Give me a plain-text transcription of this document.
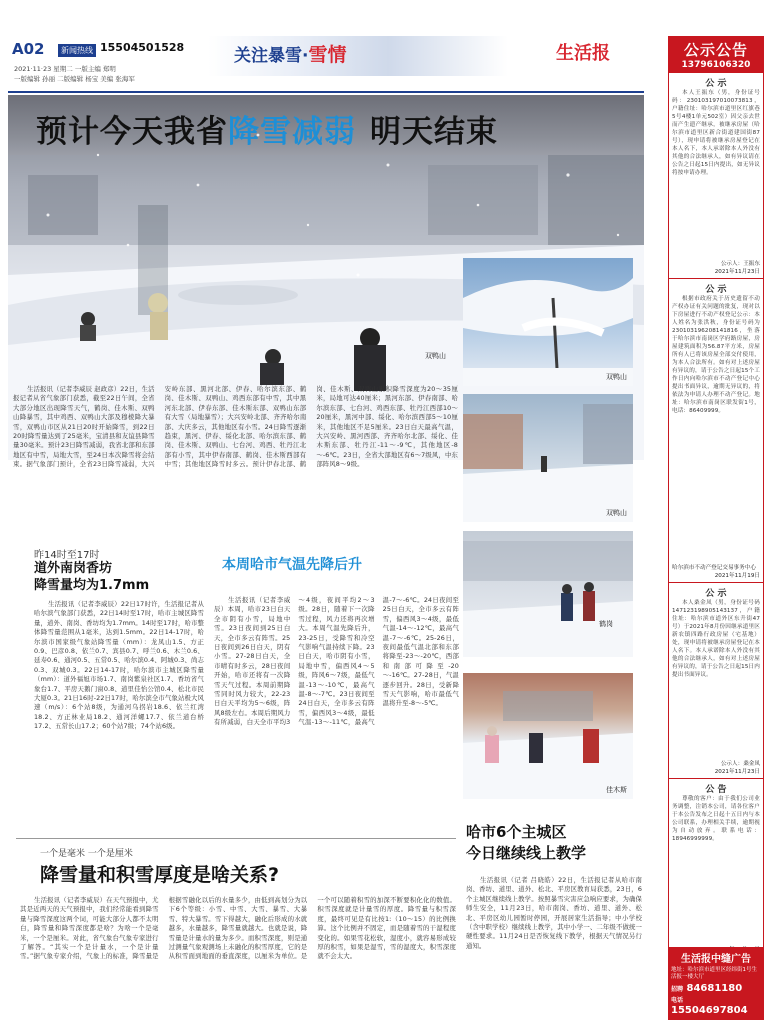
A02	新闻热线 15504501528
2021·11·23 星期二 一版主编 郑明
一版编辑 孙丽 二版编辑 杨宝 美编 张海军
关注暴雪·雪情	生活报
预计今天我省降雪减弱 明天结束
双鸭山
双鸭山
双鸭山
鹤岗
佳木斯
生活报讯（记者李威辰 赵政彦）22日，生活报记者从省气象部门获悉，截至22日午间，全省大部分地区出现降雪天气，鹤岗、佳木斯、双鸭山降暴雪，其中鸡西、双鸭山大部及穆棱降大暴雪，双鸭山市区从21日20时开始降雪，到22日20时降雪量达到了25毫米，宝清县和友谊县降雪量30毫米。预计23日降雪减弱，我省北部和东部地区有中雪，局地大雪，至24日本次降雪将会结束。据气象部门预计，全省23日降雪减弱，大兴安岭东部、黑河北部、伊春、哈尔滨东部、鹤岗、佳木斯、双鸭山、鸡西东部有中雪，其中黑河东北部、伊春东部、佳木斯东部、双鸭山东部有大雪（局地暴雪）；大兴安岭北部、齐齐哈尔南部、大庆多云，其他地区有小雪。24日降雪逐渐趋束，黑河、伊春、绥化北部、哈尔滨东部、鹤岗、佳木斯、双鸭山、七台河、鸡西、牡丹江北部有小雪，其中伊春南部、鹤岗、佳木斯西部有中雪；其他地区降雪时多云。预计伊春北部、鹤岗、佳木斯、双鸭山累积降雪深度为20～35厘米，局地可达40厘米；黑河东部、伊春南部、哈尔滨东部、七台河、鸡西东部、牡丹江西部10～20厘米，黑河中部、绥化、哈尔滨西部5～10厘米，其他地区不足5厘米。23日白天最高气温，大兴安岭、黑河西部、齐齐哈尔北部、绥化、佳木斯东部、牡丹江-11～-9℃，其他地区-8～-6℃。23日，全省大部地区有6～7级风，中东部阵风8～9级。
昨14时至17时
道外南岗香坊
降雪量均为1.7mm
生活报讯（记者李威辰）22日17时许，生活报记者从哈尔滨气象部门获悉，22日14时至17时，哈市主城区降雪量，道外、南岗、香坊均为1.7mm。14时至17时，哈市整体降雪量范围从1毫米，达到1.5mm。22日14-17时，哈尔滨市国家级气象站降雪量（mm）：龙凤山1.5、方正0.9、巴彦0.8、依兰0.7、宾县0.7、呼兰0.6、木兰0.6、延寿0.6、通河0.5、五常0.5、哈尔滨0.4、阿城0.3、尚志0.3、双城0.3。22日14-17时，哈尔滨市主城区降雪量（mm）：道外福旭市场1.7、南岗紫泉社区1.7、香坊省气象台1.7、平房天鹅门窗0.8、道里佳怡公馆0.4、松北市民大厦0.3。21日16时-22日17时，哈尔滨全市气象站极大风速（m/s）：6个站8级，为通河乌拐岩18.6、依兰红湾18.2、方正林业局18.2、通河洋螺17.7、依兰道台桥17.2、五常长山17.2；60个站7级；74个站6级。
本周哈市气温先降后升
生活报讯（记者李威辰）本周，哈市23日白天全市阴有小雪，局地中雪。23日夜间到25日白天，全市多云有阵雪。25日夜间到26日白天，阴有小雪。27-28日白天，全市晴有时多云，28日夜间开始，哈市还将有一次降雪天气过程。本周前期降雪同时风力较大，22-23日白天平均为5～6级，阵风8级左右。本周后期风力有所减弱，白天全市平均3～4级，夜间平均2～3级。28日，随着下一次降雪过程，风力还将再次增大。本周气温先降后升，23-25日，受降雪和冷空气影响气温持续下降。23日白天，哈市阴有小雪，局地中雪，偏西风4～5级，阵风6～7级，最低气温-13～-10℃，最高气温-8～-7℃。23日夜间至24日白天，全市多云有阵雪，偏西风3～4级，最低气温-13～-11℃，最高气温-7～-6℃。24日夜间至25日白天，全市多云有阵雪，偏西风3～4级，最低气温-14～-12℃，最高气温-7～-6℃。25-26日，夜间最低气温北部和东部将降至-23～-20℃，西部和南部可降至-20～-16℃。27-28日，气温逐步回升。28日，受新降雪天气影响，哈市最低气温将升至-8～-5℃。
一个是毫米 一个是厘米
降雪量和积雪厚度是啥关系?
生活报讯（记者李威辰）在天气预报中，尤其是近两天的天气预报中，我们经常能看到降雪量与降雪深度这两个词，可能大部分人都不太明白，降雪量和降雪深度都是啥？为啥一个是毫米，一个是厘米。对此，省气象台气象专家进行了解答。“其实一个是计量水，一个是计量雪。”据气象专家介绍，气象上的标准，降雪量是根据雪融化以后的水量多少，由低到高划分为以下6个等级：小雪、中雪、大雪、暴雪、大暴雪、特大暴雪。雪下得越大，融化后形成的水就越多，水量越多，降雪量就越大。也就是说，降雪量是计量水的量为多少。而积雪深度，则是通过测量气象观测场上未融化的积雪厚度，它的是从积雪面到地面的垂直深度，以厘米为单位。是一个可以随着积雪的加深不断要积化化的数值。积雪深度就是计量雪的厚度。降雪量与积雪深度，最终可见是有比按1:（10～15）的比例换算。这个比例并不固定，而是随着雪的干湿程度变化的。如果雪花松软，湿度小，就容易形成较厚的积雪，如果是湿雪，雪的湿度大，积雪深度就不会太大。
哈市6个主城区
今日继续线上教学
生活报讯（记者 吕晓皓）22日，生活报记者从哈市南岗、香坊、道里、道外、松北、平房区教育局获悉，23日，6个主城区继续线上教学。按照暴雪灾害应急响应要求，为确保师生安全，11月23日，哈市南岗、香坊、道里、道外、松北、平房区幼儿园暂时停园，开展居家生活指导；中小学校（含中职学校）继续线上教学，其中小学一、二年级不做统一硬性要求。11月24日是否恢复线下教学，根据天气情况另行通知。
公示公告
13796106320
公 示
本人王振东（男，身份证号码：230103197010073813，户籍住址：哈尔滨市道里区红旗巷5号4楼1单元502室）因父亲去世而产生遗产继承，被继承房屋（哈尔滨市道里区新合街道建国街87号），现申请将被继承房屋登记在本人名下，本人承诺除本人外没有其他的合法继承人，如有异议请在公告之日起15日内提出，如无异议将按申请办理。
公示人：王振东
2021年11月23日
公 示
根据市政府关于历史遗留不动产权办证有关问题的批复，现对以下房屋进行不动产权登记公示：本人姓名为张洪秋，身份证号码为230103196208141816，坐落于哈尔滨市南岗区学府路房屋，房屋建筑面积为56.87平方米，房屋所有人已将该房屋全部交付使用，为本人合法所有。如有对上述房屋有异议的，请于公告之日起15个工作日内向哈尔滨市不动产登记中心提出书面异议，逾期无异议的，将依法为申请人办理不动产登记。地址：哈尔滨市南岗区联发街1号，电话：86409999。
哈尔滨市不动产登记交易事务中心
2021年11月19日
公 示
本人桑金凤（男，身份证号码147123198905143137，户籍住址：哈尔滨市道外区东升街47号）于2021年8月份因继承道里区新农镇四路行政房屋（宅基地）处，现申请将被继承房屋登记在本人名下。本人承诺除本人外没有其他的合法继承人，如有对上述房屋有异议的，请于公告之日起15日内提出书面异议。
公示人：桑金凤
2021年11月23日
公 告
尊敬的客户：由于我们公司业务调整，注销本公司，请各位客户于本公告发布之日起十五日内与本公司联系，办理相关手续，逾期视为自动放弃。联系电话：18946999999。
生活报中缝广告
地址：哈尔滨市道里区经纬街1号生活报一楼大厅
招聘 84681180
电话 15504697804
